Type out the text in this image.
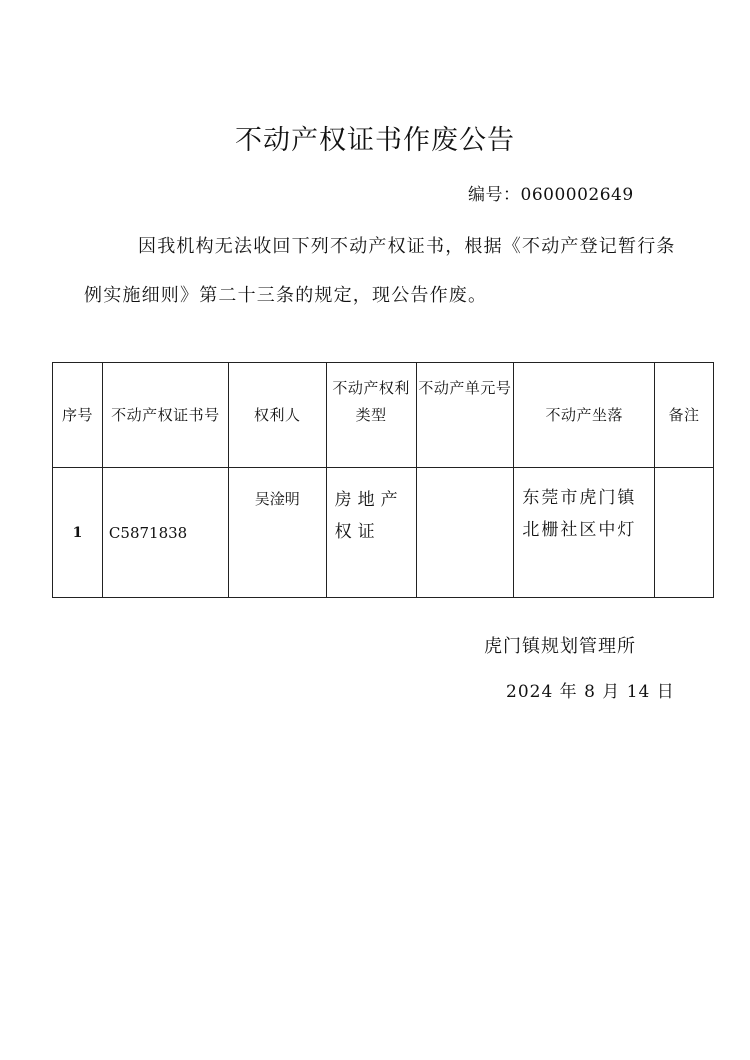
不动产权证书作废公告
编号：0600002649
因我机构无法收回下列不动产权证书，根据《不动产登记暂行条例实施细则》第二十三条的规定，现公告作废。
序号	不动产权证书号	权利人	不动产权利类型	不动产单元号	不动产坐落	备注
1	C5871838	吴淦明	房地产权证		东莞市虎门镇北栅社区中灯	
虎门镇规划管理所
2024 年 8 月 14 日
